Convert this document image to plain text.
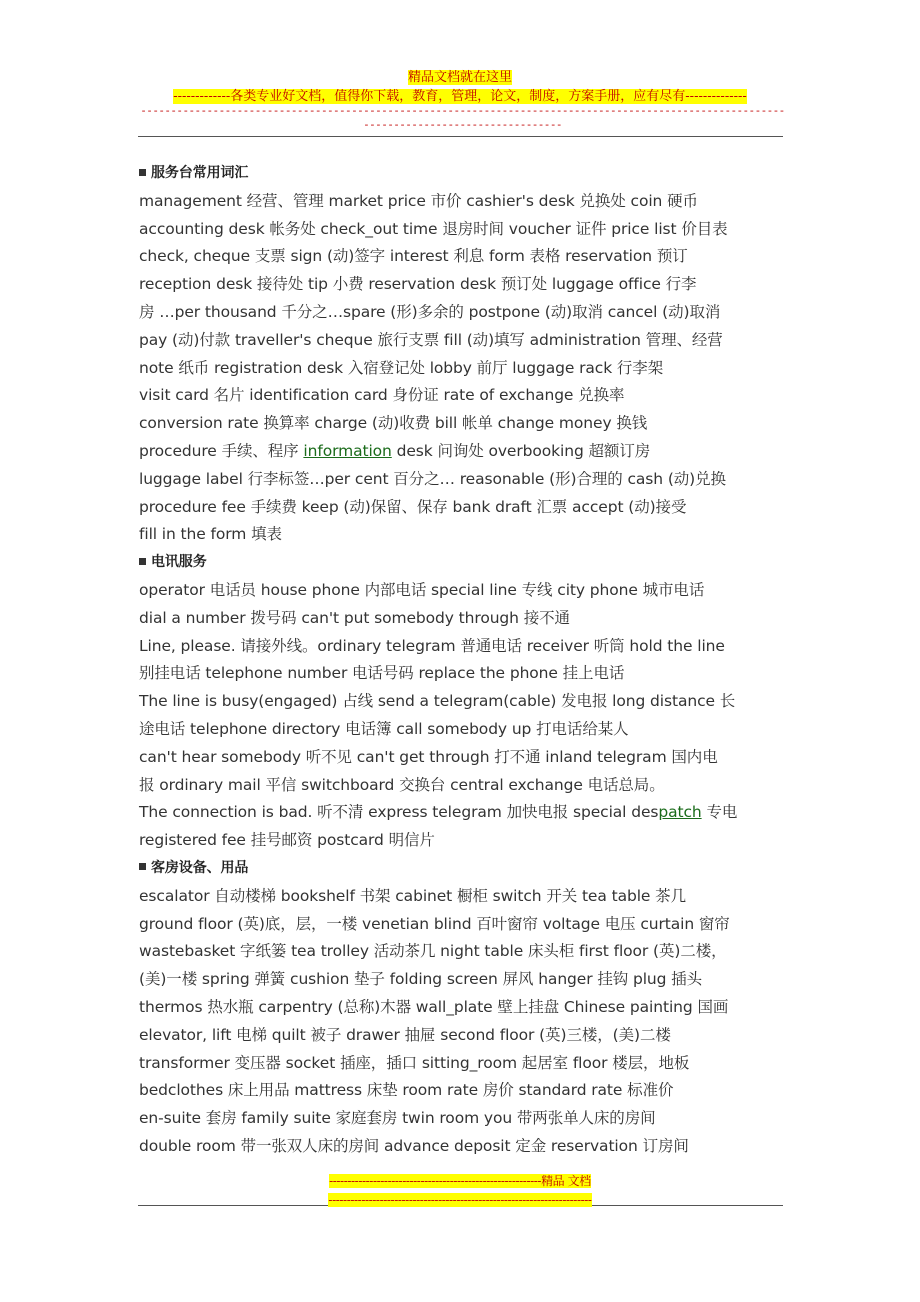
精品文档就在这里
-------------各类专业好文档，值得你下载，教育，管理，论文，制度，方案手册，应有尽有--------------
--------------------------------------------------------------------------------------------------------------------------------------------
服务台常用词汇
management 经营、管理 market price 市价 cashier's desk 兑换处 coin 硬币
accounting desk 帐务处 check_out time 退房时间 voucher 证件 price list 价目表
check, cheque 支票 sign (动)签字 interest 利息 form 表格 reservation 预订
reception desk 接待处 tip 小费 reservation desk 预订处 luggage office 行李
房 …per thousand 千分之…spare (形)多余的 postpone (动)取消 cancel (动)取消
pay (动)付款 traveller's cheque 旅行支票 fill (动)填写 administration 管理、经营
note 纸币 registration desk 入宿登记处 lobby 前厅 luggage rack 行李架
visit card 名片 identification card 身份证 rate of exchange 兑换率
conversion rate 换算率 charge (动)收费 bill 帐单 change money 换钱
procedure 手续、程序 information desk 问询处 overbooking 超额订房
luggage label 行李标签…per cent 百分之… reasonable (形)合理的 cash (动)兑换
procedure fee 手续费 keep (动)保留、保存 bank draft 汇票 accept (动)接受
fill in the form 填表
电讯服务
operator 电话员 house phone 内部电话 special line 专线 city phone 城市电话
dial a number 拨号码 can't put somebody through 接不通
Line, please. 请接外线。ordinary telegram 普通电话 receiver 听筒 hold the line
别挂电话 telephone number 电话号码 replace the phone 挂上电话
The line is busy(engaged) 占线 send a telegram(cable) 发电报 long distance 长
途电话 telephone directory 电话簿 call somebody up 打电话给某人
can't hear somebody 听不见 can't get through 打不通 inland telegram 国内电
报 ordinary mail 平信 switchboard 交换台 central exchange 电话总局。
The connection is bad. 听不清 express telegram 加快电报 special despatch 专电
registered fee 挂号邮资 postcard 明信片
客房设备、用品
escalator 自动楼梯 bookshelf 书架 cabinet 橱柜 switch 开关 tea table 茶几
ground floor (英)底，层，一楼 venetian blind 百叶窗帘 voltage 电压 curtain 窗帘
wastebasket 字纸篓 tea trolley 活动茶几 night table 床头柜 first floor (英)二楼，
(美)一楼 spring 弹簧 cushion 垫子 folding screen 屏风 hanger 挂钩 plug 插头
thermos 热水瓶 carpentry (总称)木器 wall_plate 壁上挂盘 Chinese painting 国画
elevator, lift 电梯 quilt 被子 drawer 抽屉 second floor (英)三楼，(美)二楼
transformer 变压器 socket 插座，插口 sitting_room 起居室 floor 楼层，地板
bedclothes 床上用品 mattress 床垫 room rate 房价 standard rate 标准价
en-suite 套房 family suite 家庭套房 twin room you 带两张单人床的房间
double room 带一张双人床的房间 advance deposit 定金 reservation 订房间
----------------------------------------------------------精品 文档
------------------------------------------------------------------------
